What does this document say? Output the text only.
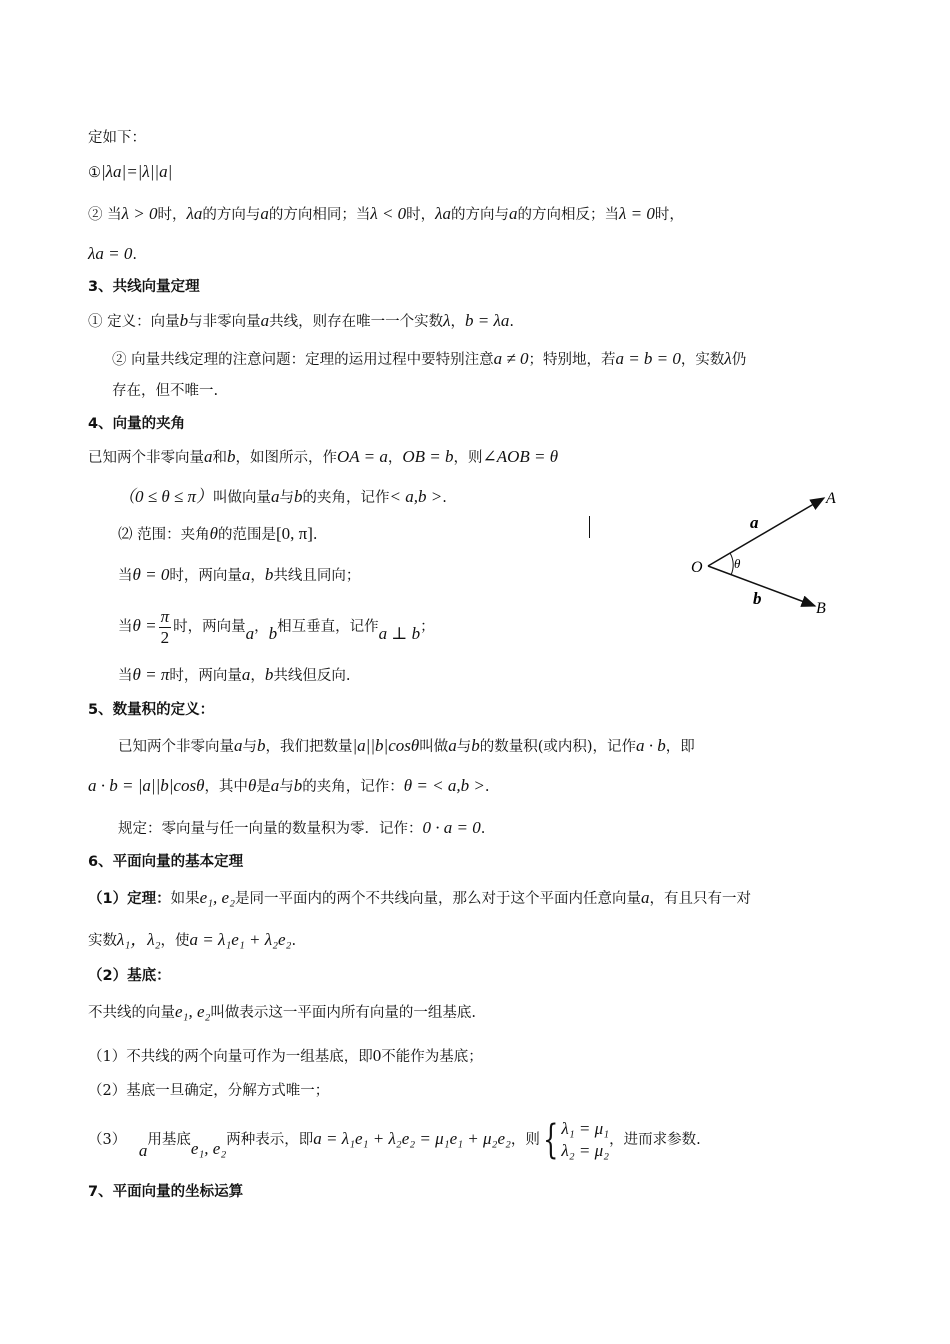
定如下：
①|λa|=|λ||a|
② 当λ > 0时，λa的方向与a的方向相同；当λ < 0时，λa的方向与a的方向相反；当λ = 0时，
λa = 0.
3、共线向量定理
① 定义：向量b与非零向量a共线，则存在唯一一个实数λ，b = λa.
② 向量共线定理的注意问题：定理的运用过程中要特别注意a ≠ 0；特别地，若a = b = 0，实数λ仍
存在，但不唯一.
4、向量的夹角
已知两个非零向量a和b，如图所示，作OA = a，OB = b，则∠AOB = θ
（0 ≤ θ ≤ π）叫做向量a与b的夹角，记作< a,b >.
⑵ 范围：夹角θ的范围是[0, π].
当θ = 0时，两向量a，b共线且同向；
当$\theta = \frac{\pi}{2}$ 时，两向量a，b相互垂直，记作a ⊥ b；
当θ = π时，两向量a，b共线但反向.
A
B
O θ
a
b
5、数量积的定义：
已知两个非零向量a与b，我们把数量|a||b|cosθ叫做a与b的数量积(或内积)，记作a · b，即
a · b = |a||b|cosθ，其中θ是a与b的夹角，记作：θ = < a,b >.
规定：零向量与任一向量的数量积为零．记作：0 · a = 0.
6、平面向量的基本定理
（1）定理：如果e₁, e₂是同一平面内的两个不共线向量，那么对于这个平面内任意向量a，有且只有一对
实数λ₁，λ₂，使a = λ₁e₁ + λ₂e₂.
（2）基底：
不共线的向量e₁, e₂叫做表示这一平面内所有向量的一组基底.
（1）不共线的两个向量可作为一组基底，即0不能作为基底；
（2）基底一旦确定，分解方式唯一；
（3） a用基底e₁, e₂两种表示，即a = λ₁e₁ + λ₂e₂ = μ₁e₁ + μ₂e₂，则{ λ₁ = μ₁
λ₂ = μ₂
，进而求参数.
7、平面向量的坐标运算
